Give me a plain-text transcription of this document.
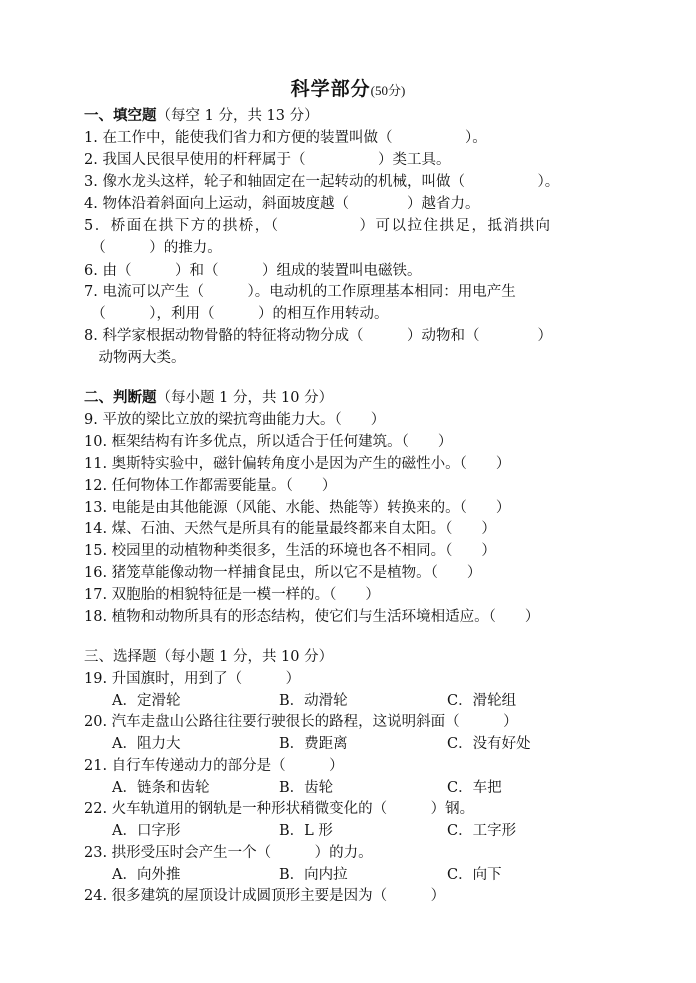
科学部分(50分)
一、填空题（每空 1 分，共 13 分）
1. 在工作中，能使我们省力和方便的装置叫做（　　　　　）。
2. 我国人民很早使用的杆秤属于（　　　　　）类工具。
3. 像水龙头这样，轮子和轴固定在一起转动的机械，叫做（　　　　　）。
4. 物体沿着斜面向上运动，斜面坡度越（　　　　）越省力。
5．桥面在拱下方的拱桥，（　　　　　）可以拉住拱足，抵消拱向
　（　　　）的推力。
6. 由（　　　）和（　　　）组成的装置叫电磁铁。
7. 电流可以产生（　　　）。电动机的工作原理基本相同：用电产生
　（　　　），利用（　　　）的相互作用转动。
8. 科学家根据动物骨骼的特征将动物分成（　　　）动物和（　　　　）
　动物两大类。
二、判断题（每小题 1 分，共 10 分）
9. 平放的梁比立放的梁抗弯曲能力大。（　　）
10. 框架结构有许多优点，所以适合于任何建筑。（　　）
11. 奥斯特实验中，磁针偏转角度小是因为产生的磁性小。（　　）
12. 任何物体工作都需要能量。（　　）
13. 电能是由其他能源（风能、水能、热能等）转换来的。（　　）
14. 煤、石油、天然气是所具有的能量最终都来自太阳。（　　）
15. 校园里的动植物种类很多，生活的环境也各不相同。（　　）
16. 猪笼草能像动物一样捕食昆虫，所以它不是植物。（　　）
17. 双胞胎的相貌特征是一模一样的。（　　）
18. 植物和动物所具有的形态结构，使它们与生活环境相适应。（　　）
三、选择题（每小题 1 分，共 10 分）
19. 升国旗时，用到了（　　　）
A．定滑轮	B．动滑轮	C．滑轮组
20. 汽车走盘山公路往往要行驶很长的路程，这说明斜面（　　　）
A．阻力大	B．费距离	C．没有好处
21. 自行车传递动力的部分是（　　　）
A．链条和齿轮	B．齿轮	C．车把
22. 火车轨道用的钢轨是一种形状稍微变化的（　　　）钢。
A．口字形	B．L 形	C．工字形
23. 拱形受压时会产生一个（　　　）的力。
A．向外推	B．向内拉	C．向下
24. 很多建筑的屋顶设计成圆顶形主要是因为（　　　）
